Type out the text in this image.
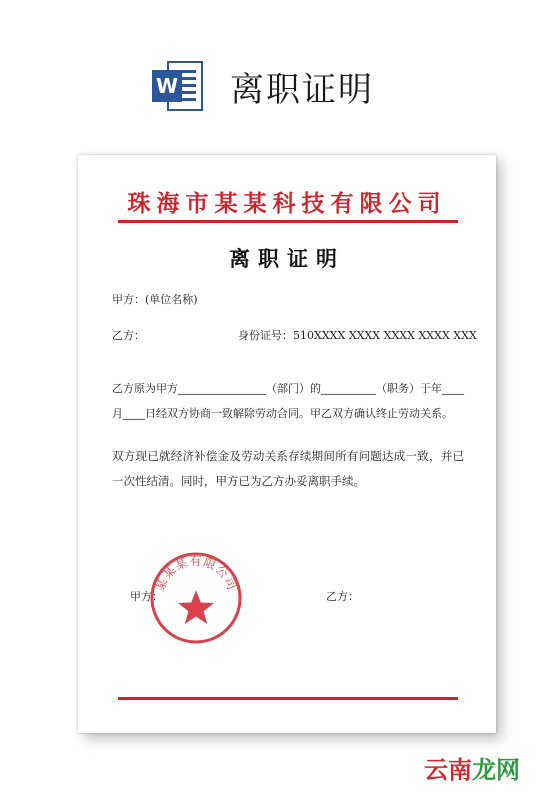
W 离职证明
珠海市某某科技有限公司
离职证明
甲方：(单位名称)
乙方：	身份证号：510XXXX XXXX XXXX XXXX XXX
乙方原为甲方________________（部门）的__________（职务）于年____月____日经双方协商一致解除劳动合同。甲乙双方确认终止劳动关系。
双方现已就经济补偿金及劳动关系存续期间所有问题达成一致，并已一次性结清。同时，甲方已为乙方办妥离职手续。
甲方：	乙方：
某某某有限公司
云南龙网
